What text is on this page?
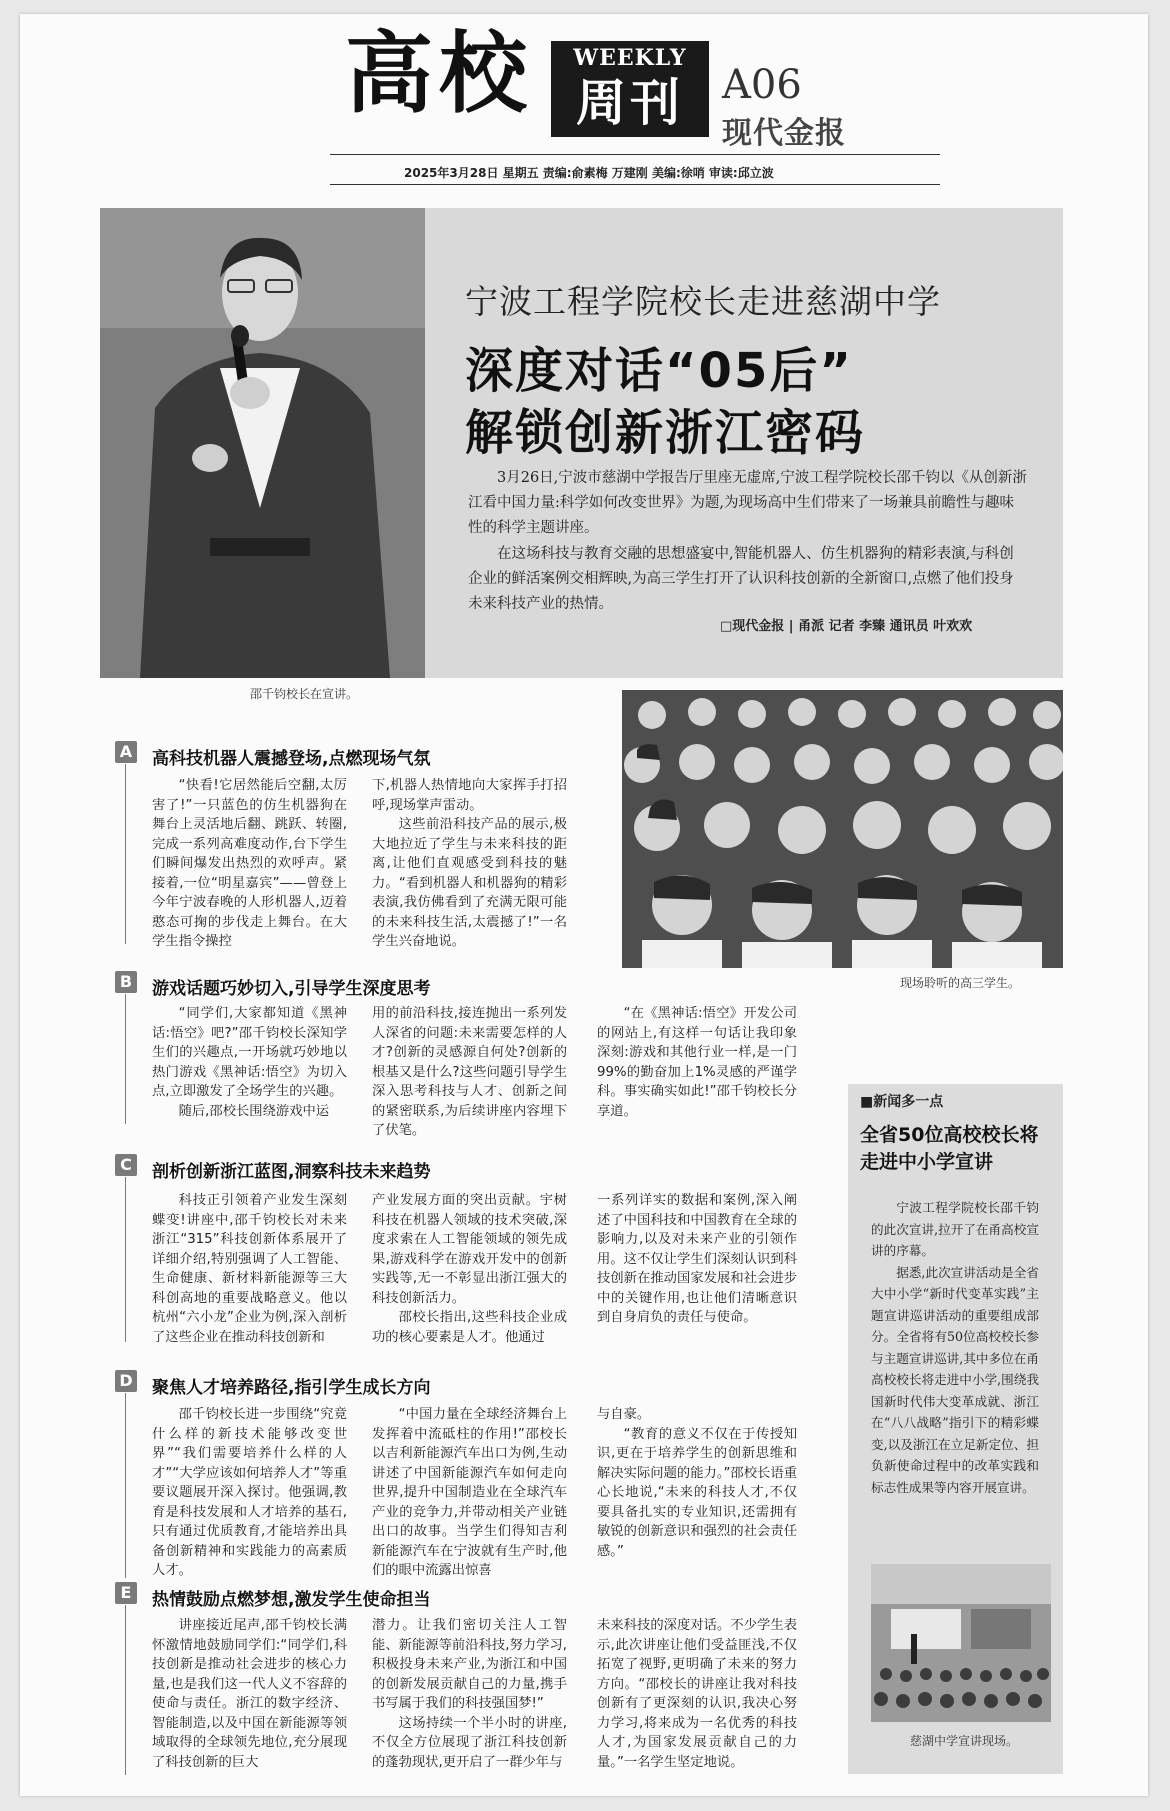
高校	WEEKLY
周刊 A06
现代金报
2025年3月28日 星期五 责编:俞素梅 万建刚 美编:徐哨 审读:邱立波
邵千钧校长在宣讲。
宁波工程学院校长走进慈湖中学
深度对话“05后”
解锁创新浙江密码

3月26日,宁波市慈湖中学报告厅里座无虚席,宁波工程学院校长邵千钧以《从创新浙江看中国力量:科学如何改变世界》为题,为现场高中生们带来了一场兼具前瞻性与趣味性的科学主题讲座。

在这场科技与教育交融的思想盛宴中,智能机器人、仿生机器狗的精彩表演,与科创企业的鲜活案例交相辉映,为高三学生打开了认识科技创新的全新窗口,点燃了他们投身未来科技产业的热情。

□现代金报 | 甬派 记者 李臻 通讯员 叶欢欢
现场聆听的高三学生。
A 高科技机器人震撼登场,点燃现场气氛

“快看!它居然能后空翻,太厉害了!”一只蓝色的仿生机器狗在舞台上灵活地后翻、跳跃、转圈,完成一系列高难度动作,台下学生们瞬间爆发出热烈的欢呼声。紧接着,一位“明星嘉宾”——曾登上今年宁波春晚的人形机器人,迈着憨态可掬的步伐走上舞台。在大学生指令操控

下,机器人热情地向大家挥手打招呼,现场掌声雷动。

这些前沿科技产品的展示,极大地拉近了学生与未来科技的距离,让他们直观感受到科技的魅力。“看到机器人和机器狗的精彩表演,我仿佛看到了充满无限可能的未来科技生活,太震撼了!”一名学生兴奋地说。

B 游戏话题巧妙切入,引导学生深度思考

“同学们,大家都知道《黑神话:悟空》吧?”邵千钧校长深知学生们的兴趣点,一开场就巧妙地以热门游戏《黑神话:悟空》为切入点,立即激发了全场学生的兴趣。

随后,邵校长围绕游戏中运

用的前沿科技,接连抛出一系列发人深省的问题:未来需要怎样的人才?创新的灵感源自何处?创新的根基又是什么?这些问题引导学生深入思考科技与人才、创新之间的紧密联系,为后续讲座内容埋下了伏笔。

“在《黑神话:悟空》开发公司的网站上,有这样一句话让我印象深刻:游戏和其他行业一样,是一门99%的勤奋加上1%灵感的严谨学科。事实确实如此!”邵千钧校长分享道。

C	剖析创新浙江蓝图,洞察科技未来趋势

科技正引领着产业发生深刻蝶变!讲座中,邵千钧校长对未来浙江“315”科技创新体系展开了详细介绍,特别强调了人工智能、生命健康、新材料新能源等三大科创高地的重要战略意义。他以杭州“六小龙”企业为例,深入剖析了这些企业在推动科技创新和

产业发展方面的突出贡献。宇树科技在机器人领域的技术突破,深度求索在人工智能领域的领先成果,游戏科学在游戏开发中的创新实践等,无一不彰显出浙江强大的科技创新活力。

邵校长指出,这些科技企业成功的核心要素是人才。他通过

一系列详实的数据和案例,深入阐述了中国科技和中国教育在全球的影响力,以及对未来产业的引领作用。这不仅让学生们深刻认识到科技创新在推动国家发展和社会进步中的关键作用,也让他们清晰意识到自身肩负的责任与使命。

D 聚焦人才培养路径,指引学生成长方向

邵千钧校长进一步围绕“究竟什么样的新技术能够改变世界”“我们需要培养什么样的人才”“大学应该如何培养人才”等重要议题展开深入探讨。他强调,教育是科技发展和人才培养的基石,只有通过优质教育,才能培养出具备创新精神和实践能力的高素质人才。

“中国力量在全球经济舞台上发挥着中流砥柱的作用!”邵校长以吉利新能源汽车出口为例,生动讲述了中国新能源汽车如何走向世界,提升中国制造业在全球汽车产业的竞争力,并带动相关产业链出口的故事。当学生们得知吉利新能源汽车在宁波就有生产时,他们的眼中流露出惊喜

与自豪。

“教育的意义不仅在于传授知识,更在于培养学生的创新思维和解决实际问题的能力。”邵校长语重心长地说,“未来的科技人才,不仅要具备扎实的专业知识,还需拥有敏锐的创新意识和强烈的社会责任感。”

E	热情鼓励点燃梦想,激发学生使命担当

讲座接近尾声,邵千钧校长满怀激情地鼓励同学们:“同学们,科技创新是推动社会进步的核心力量,也是我们这一代人义不容辞的使命与责任。浙江的数字经济、智能制造,以及中国在新能源等领域取得的全球领先地位,充分展现了科技创新的巨大

潜力。让我们密切关注人工智能、新能源等前沿科技,努力学习,积极投身未来产业,为浙江和中国的创新发展贡献自己的力量,携手书写属于我们的科技强国梦!”

这场持续一个半小时的讲座,不仅全方位展现了浙江科技创新的蓬勃现状,更开启了一群少年与

未来科技的深度对话。不少学生表示,此次讲座让他们受益匪浅,不仅拓宽了视野,更明确了未来的努力方向。“邵校长的讲座让我对科技创新有了更深刻的认识,我决心努力学习,将来成为一名优秀的科技人才,为国家发展贡献自己的力量。”一名学生坚定地说。

■新闻多一点
全省50位高校校长将走进中小学宣讲

宁波工程学院校长邵千钧的此次宣讲,拉开了在甬高校宣讲的序幕。

据悉,此次宣讲活动是全省大中小学“新时代变革实践”主题宣讲巡讲活动的重要组成部分。全省将有50位高校校长参与主题宣讲巡讲,其中多位在甬高校校长将走进中小学,围绕我国新时代伟大变革成就、浙江在“八八战略”指引下的精彩蝶变,以及浙江在立足新定位、担负新使命过程中的改革实践和标志性成果等内容开展宣讲。

慈湖中学宣讲现场。
